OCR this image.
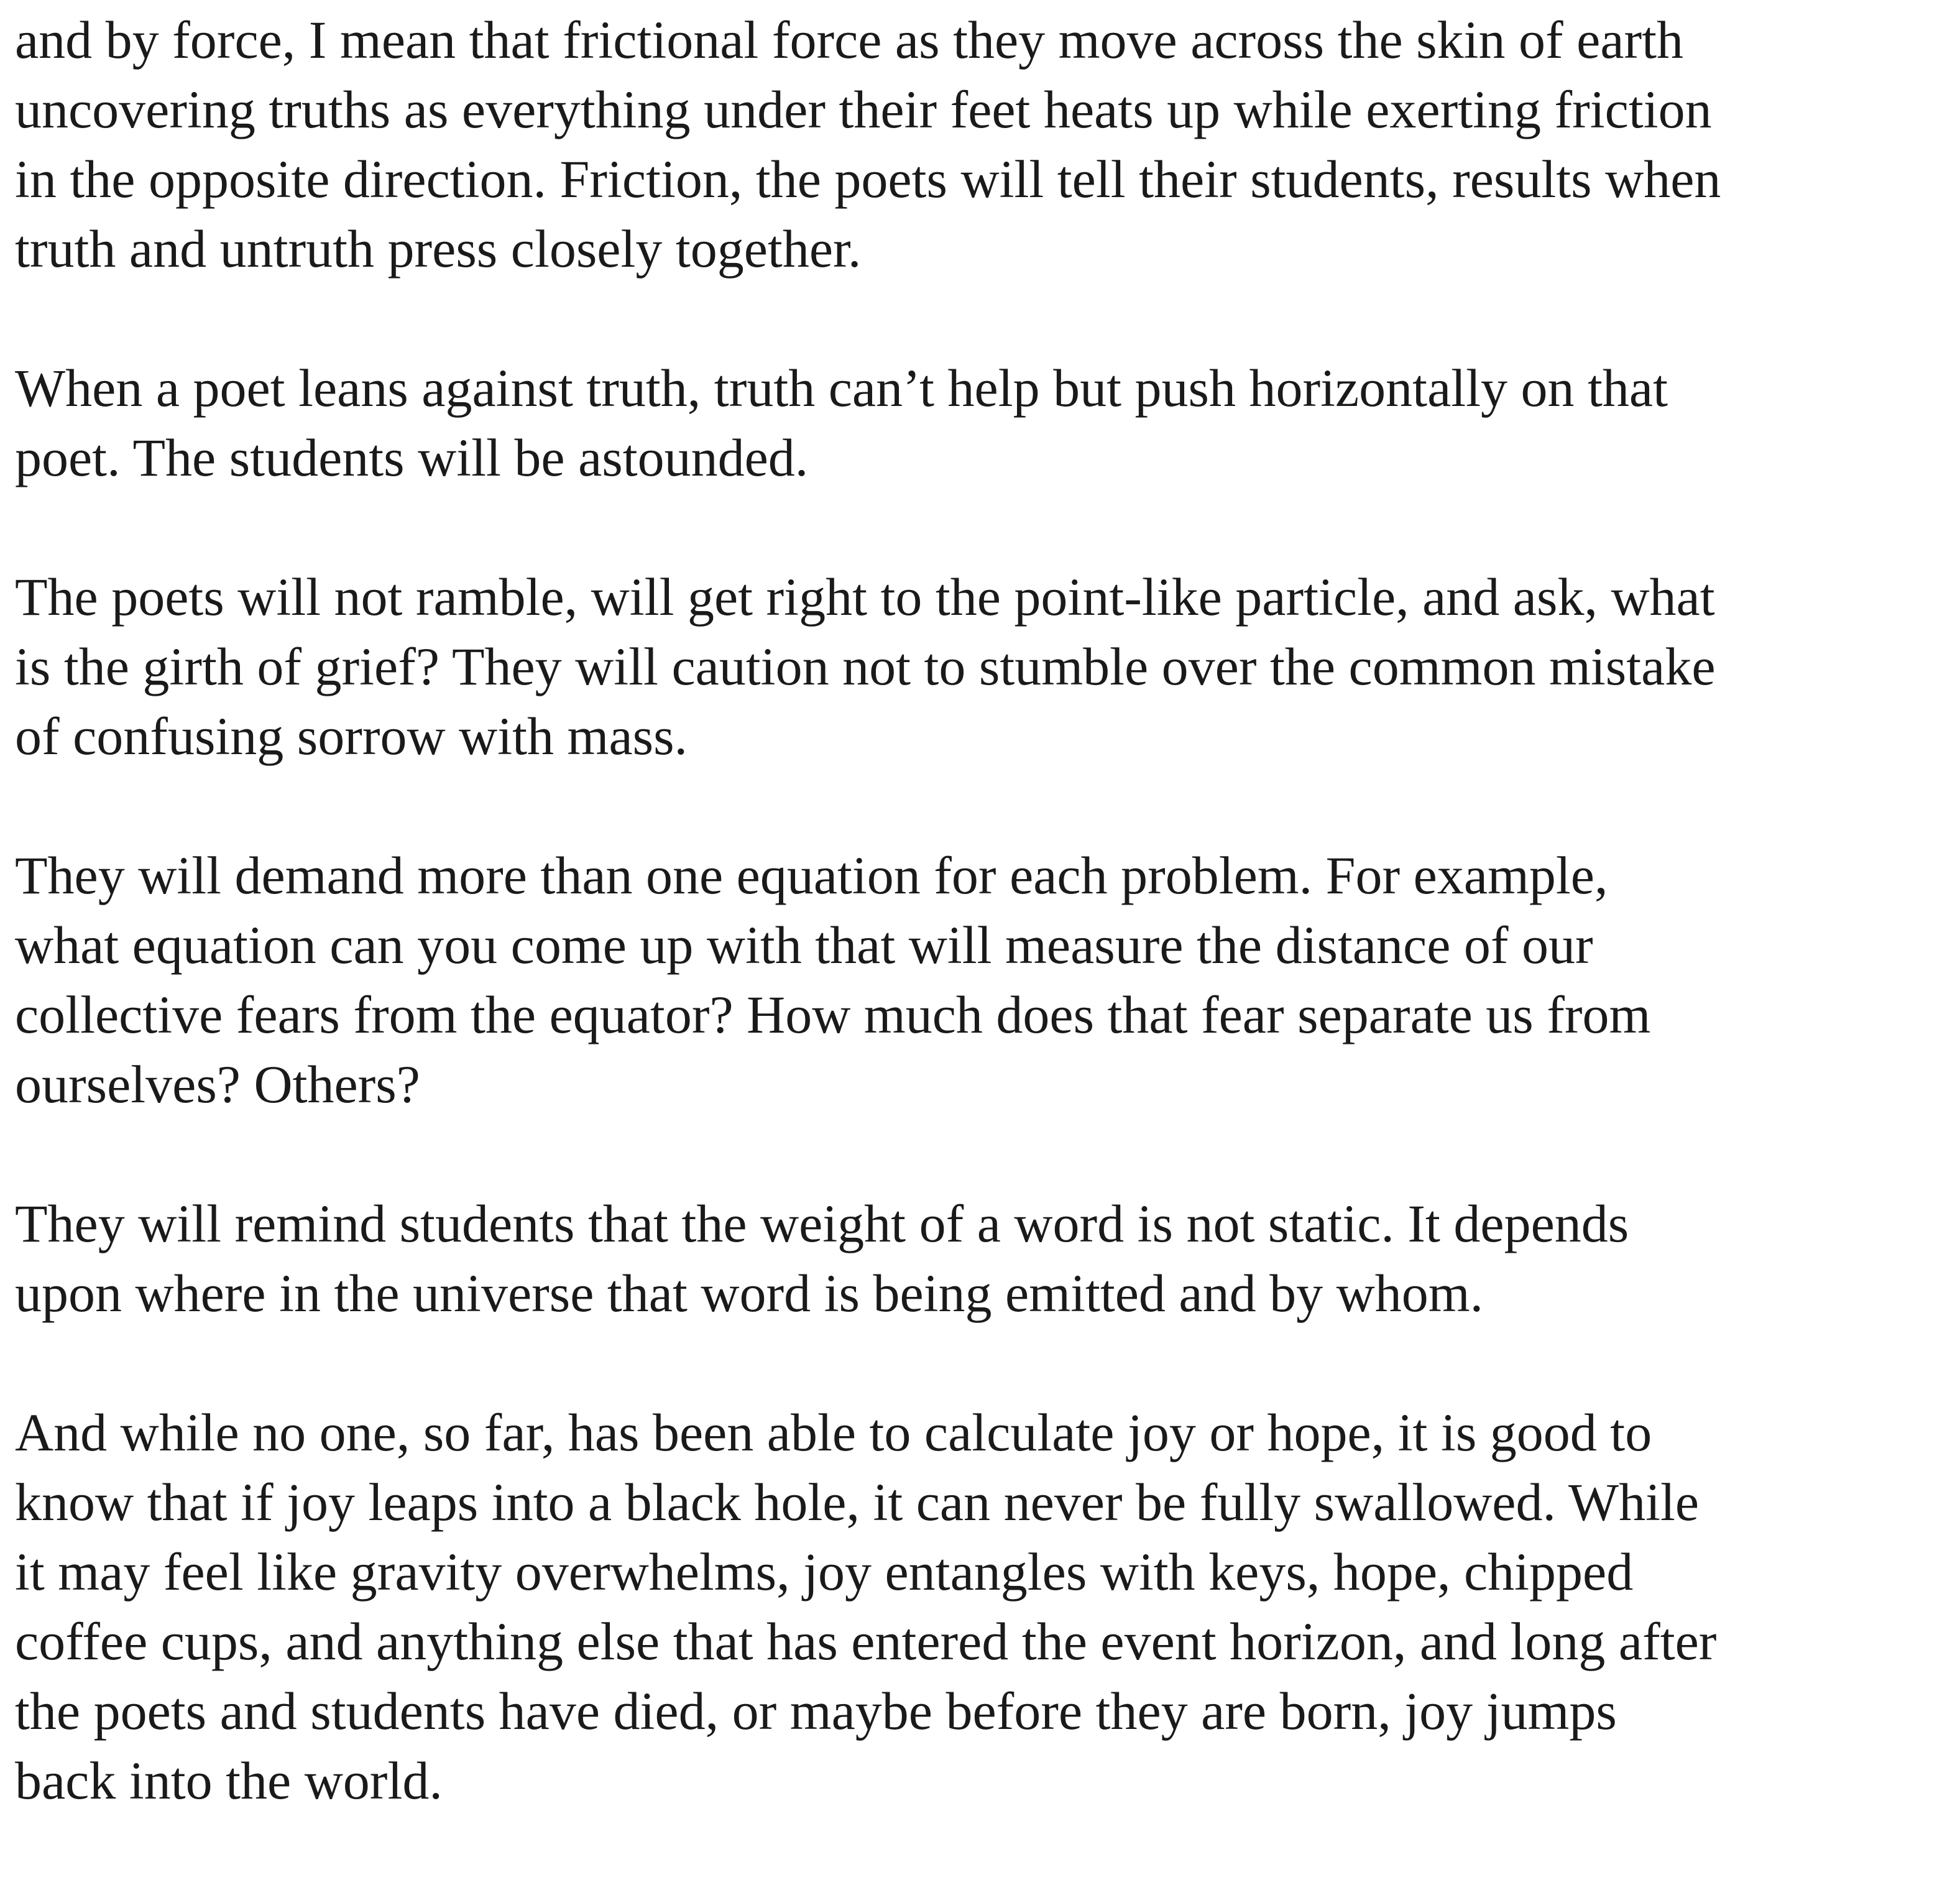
and by force, I mean that frictional force as they move across the skin of earth
uncovering truths as everything under their feet heats up while exerting friction
in the opposite direction. Friction, the poets will tell their students, results when
truth and untruth press closely together.

When a poet leans against truth, truth can’t help but push horizontally on that
poet. The students will be astounded.

The poets will not ramble, will get right to the point-like particle, and ask, what
is the girth of grief? They will caution not to stumble over the common mistake
of confusing sorrow with mass.

They will demand more than one equation for each problem. For example,
what equation can you come up with that will measure the distance of our
collective fears from the equator? How much does that fear separate us from
ourselves? Others?

They will remind students that the weight of a word is not static. It depends
upon where in the universe that word is being emitted and by whom.

And while no one, so far, has been able to calculate joy or hope, it is good to
know that if joy leaps into a black hole, it can never be fully swallowed. While
it may feel like gravity overwhelms, joy entangles with keys, hope, chipped
coffee cups, and anything else that has entered the event horizon, and long after
the poets and students have died, or maybe before they are born, joy jumps
back into the world.
